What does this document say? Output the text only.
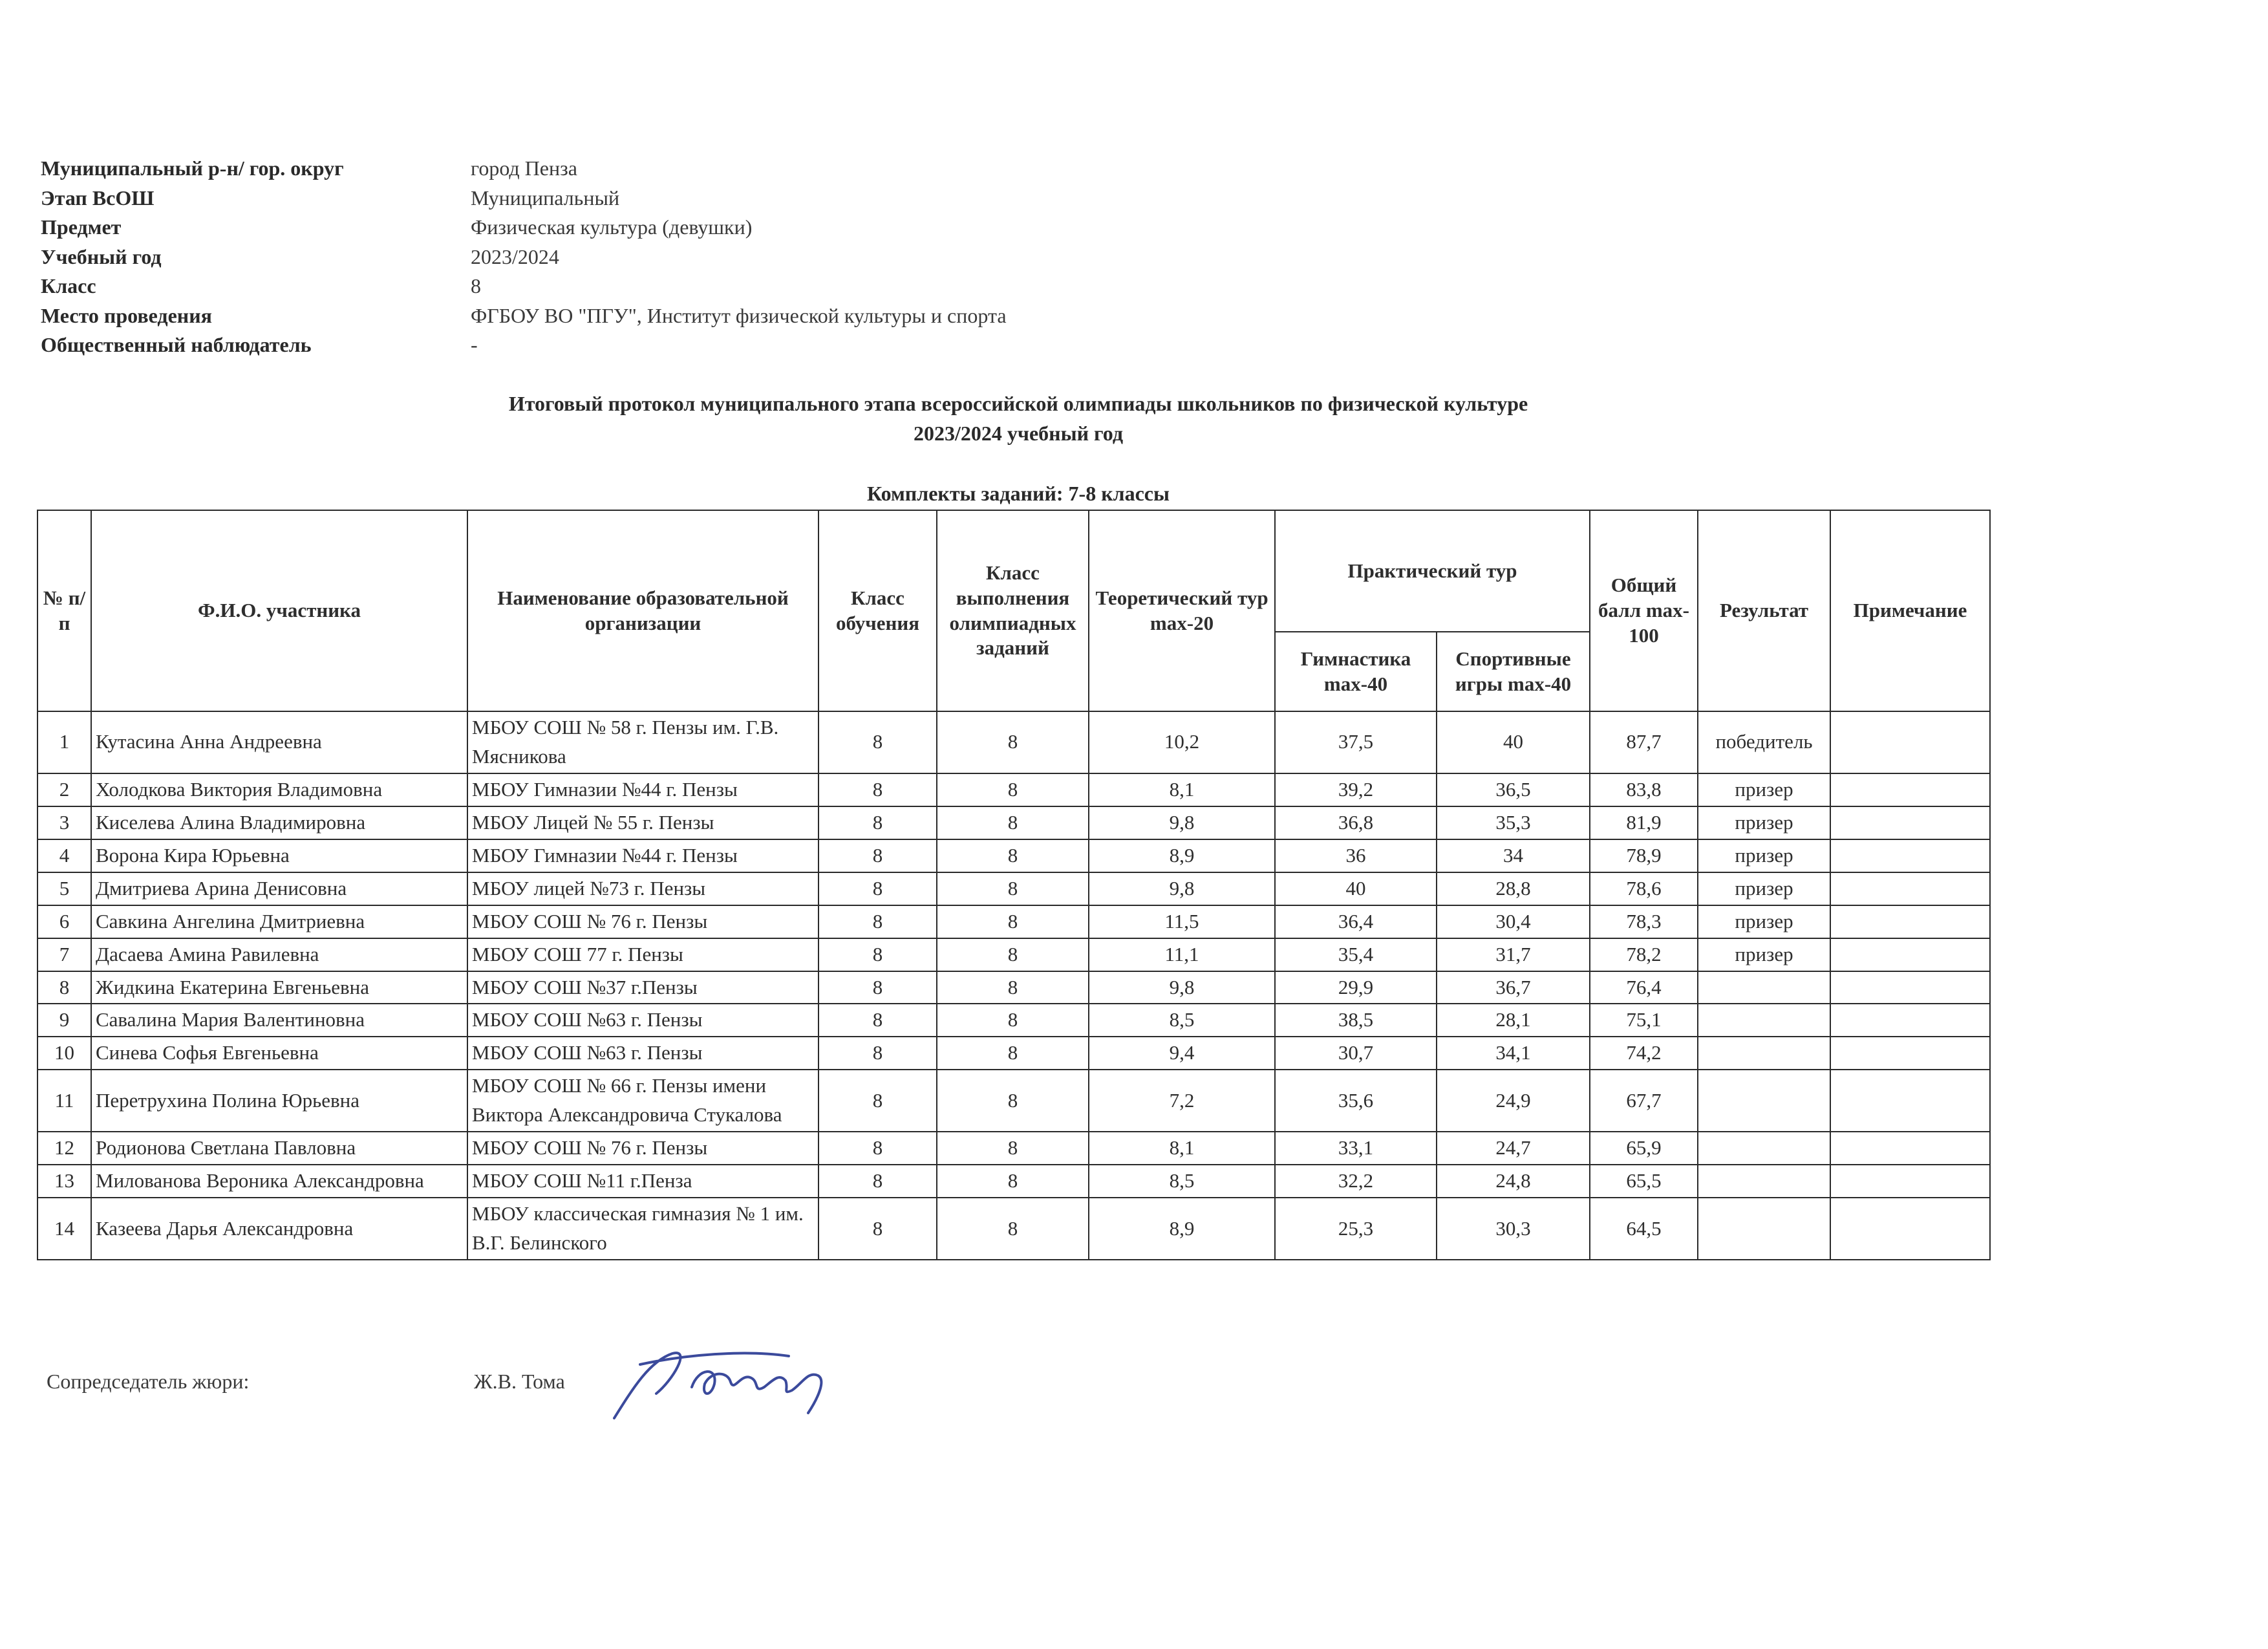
Муниципальный р-н/ гор. округ	город Пенза
Этап ВсОШ	Муниципальный
Предмет	Физическая культура (девушки)
Учебный год	2023/2024
Класс	8
Место проведения	ФГБОУ ВО "ПГУ", Институт физической культуры и спорта
Общественный наблюдатель	-
Итоговый протокол муниципального этапа всероссийской олимпиады школьников по физической культуре
2023/2024 учебный год
Комплекты заданий: 7-8 классы
№ п/п	Ф.И.О. участника	Наименование образовательной организации	Класс обучения	Класс выполнения олимпиадных заданий	Теоретический тур max-20	Практический тур		Общий балл max-100	Результат	Примечание
						Гимнастика max-40	Спортивные игры max-40			
1	Кутасина Анна Андреевна	МБОУ СОШ № 58 г. Пензы им. Г.В. Мясникова	8	8	10,2	37,5	40	87,7	победитель	
2	Холодкова Виктория Владимовна	МБОУ Гимназии №44 г. Пензы	8	8	8,1	39,2	36,5	83,8	призер	
3	Киселева Алина Владимировна	МБОУ Лицей № 55 г. Пензы	8	8	9,8	36,8	35,3	81,9	призер	
4	Ворона Кира Юрьевна	МБОУ Гимназии №44 г. Пензы	8	8	8,9	36	34	78,9	призер	
5	Дмитриева Арина Денисовна	МБОУ лицей №73 г. Пензы	8	8	9,8	40	28,8	78,6	призер	
6	Савкина Ангелина Дмитриевна	МБОУ СОШ № 76 г. Пензы	8	8	11,5	36,4	30,4	78,3	призер	
7	Дасаева Амина Равилевна	МБОУ СОШ 77 г. Пензы	8	8	11,1	35,4	31,7	78,2	призер	
8	Жидкина Екатерина Евгеньевна	МБОУ СОШ №37 г.Пензы	8	8	9,8	29,9	36,7	76,4		
9	Савалина Мария Валентиновна	МБОУ СОШ №63 г. Пензы	8	8	8,5	38,5	28,1	75,1		
10	Синева Софья Евгеньевна	МБОУ СОШ №63 г. Пензы	8	8	9,4	30,7	34,1	74,2		
11	Перетрухина Полина Юрьевна	МБОУ СОШ № 66 г. Пензы имени Виктора Александровича Стукалова	8	8	7,2	35,6	24,9	67,7		
12	Родионова Светлана Павловна	МБОУ СОШ № 76 г. Пензы	8	8	8,1	33,1	24,7	65,9		
13	Милованова Вероника Александровна	МБОУ СОШ №11 г.Пенза	8	8	8,5	32,2	24,8	65,5		
14	Казеева Дарья Александровна	МБОУ классическая гимназия № 1 им. В.Г. Белинского	8	8	8,9	25,3	30,3	64,5		
Сопредседатель жюри:	Ж.В. Тома
